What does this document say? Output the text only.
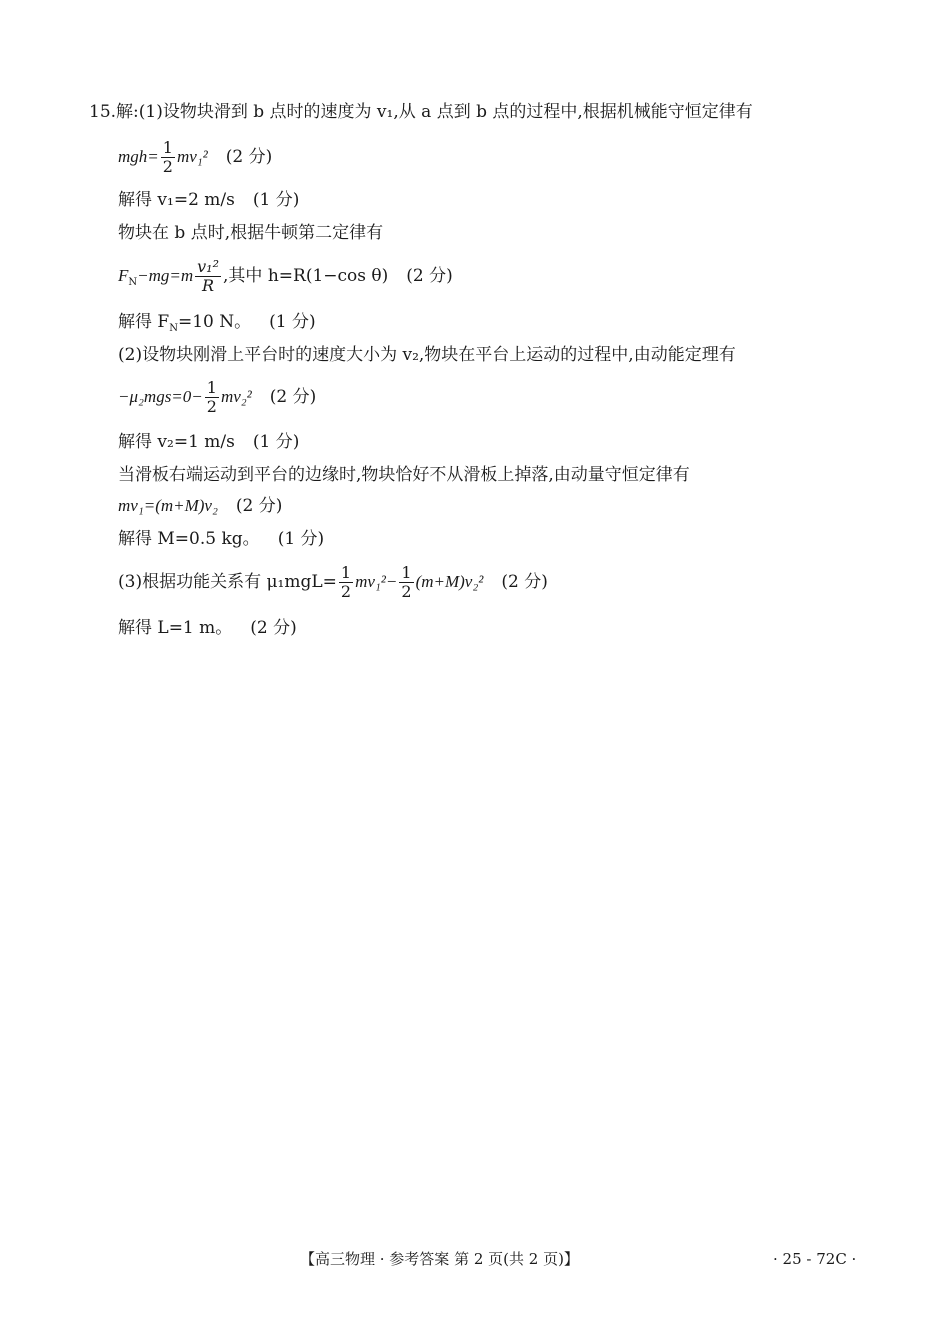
15.解:(1)设物块滑到 b 点时的速度为 v₁,从 a 点到 b 点的过程中,根据机械能守恒定律有
$mgh= \frac{1}{2} mv_1^2$ (2 分)
解得 v₁=2 m/s (1 分)
物块在 b 点时,根据牛顿第二定律有
$F_N-mg=m \frac{\text{v₁²}}{R}$ ,其中 h=R(1−cos θ) (2 分)
解得 $F_N=10$ N。 (1 分)
(2)设物块刚滑上平台时的速度大小为 v₂,物块在平台上运动的过程中,由动能定理有
$-\mu_2mgs=0- \frac{1}{2} mv_2^2$ (2 分)
解得 v₂=1 m/s (1 分)
当滑板右端运动到平台的边缘时,物块恰好不从滑板上掉落,由动量守恒定律有
mv₁=(m+M)v₂ (2 分)
解得 M=0.5 kg。 (1 分)
(3)根据功能关系有 $\mu_1mgL= \frac{1}{2} mv_1^2- \frac{1}{2} (m+M)v_2^2$ (2 分)
解得 L=1 m。 (2 分)
【高三物理 · 参考答案 第 2 页(共 2 页)】	· 25 - 72C ·
